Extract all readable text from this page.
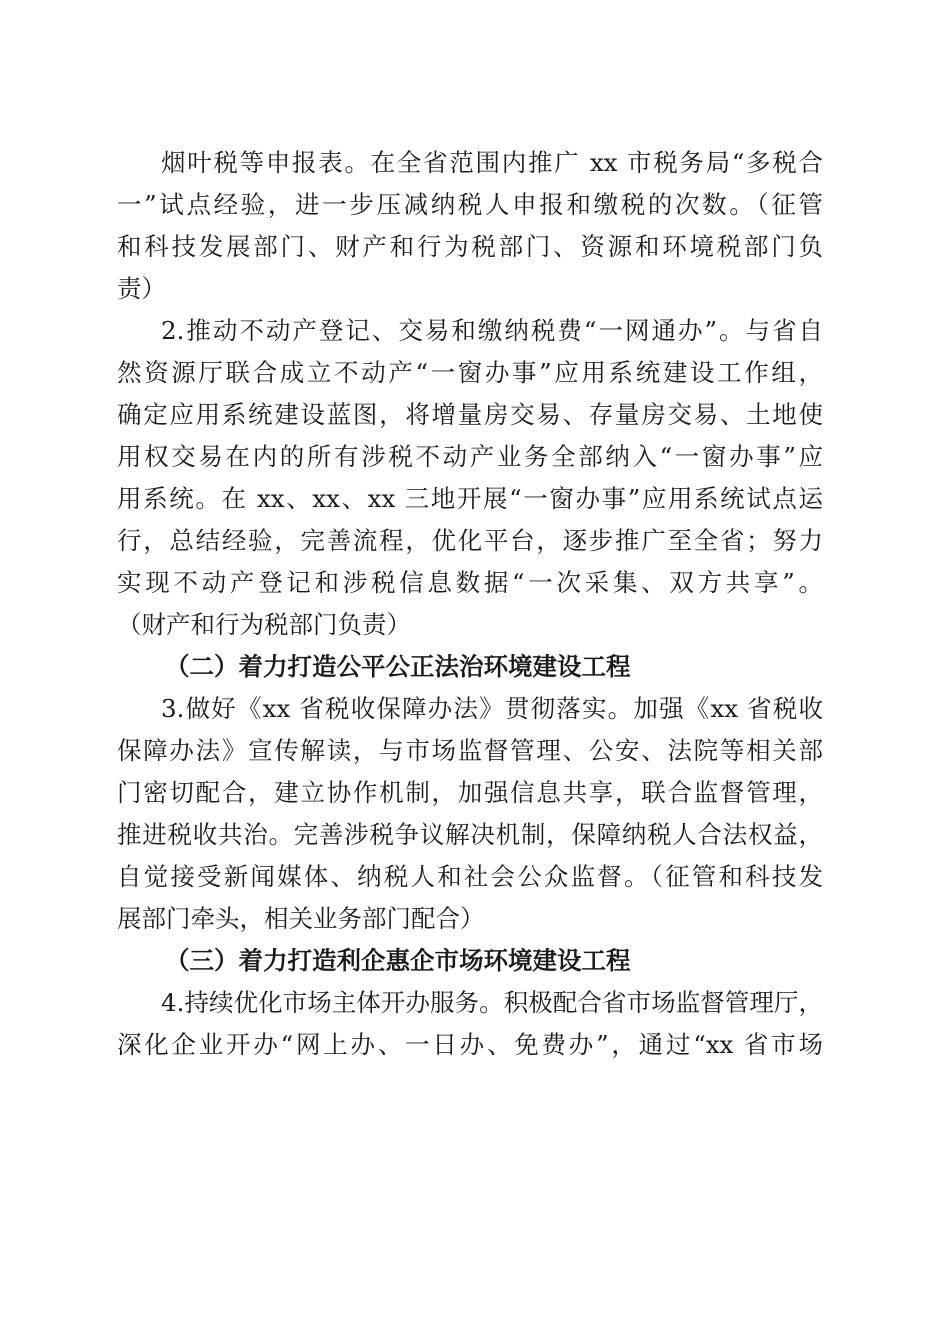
烟叶税等申报表。在全省范围内推广 xx 市税务局“多税合
一”试点经验，进一步压减纳税人申报和缴税的次数。（征管
和科技发展部门、财产和行为税部门、资源和环境税部门负
责）
2.推动不动产登记、交易和缴纳税费“一网通办”。与省自
然资源厅联合成立不动产“一窗办事”应用系统建设工作组，
确定应用系统建设蓝图，将增量房交易、存量房交易、土地使
用权交易在内的所有涉税不动产业务全部纳入“一窗办事”应
用系统。在 xx、xx、xx 三地开展“一窗办事”应用系统试点运
行，总结经验，完善流程，优化平台，逐步推广至全省；努力
实现不动产登记和涉税信息数据“一次采集、双方共享”。
（财产和行为税部门负责）
（二）着力打造公平公正法治环境建设工程
3.做好《xx 省税收保障办法》贯彻落实。加强《xx 省税收
保障办法》宣传解读，与市场监督管理、公安、法院等相关部
门密切配合，建立协作机制，加强信息共享，联合监督管理，
推进税收共治。完善涉税争议解决机制，保障纳税人合法权益，
自觉接受新闻媒体、纳税人和社会公众监督。（征管和科技发
展部门牵头，相关业务部门配合）
（三）着力打造利企惠企市场环境建设工程
4.持续优化市场主体开办服务。积极配合省市场监督管理厅，
深化企业开办“网上办、一日办、免费办”，通过“xx 省市场
